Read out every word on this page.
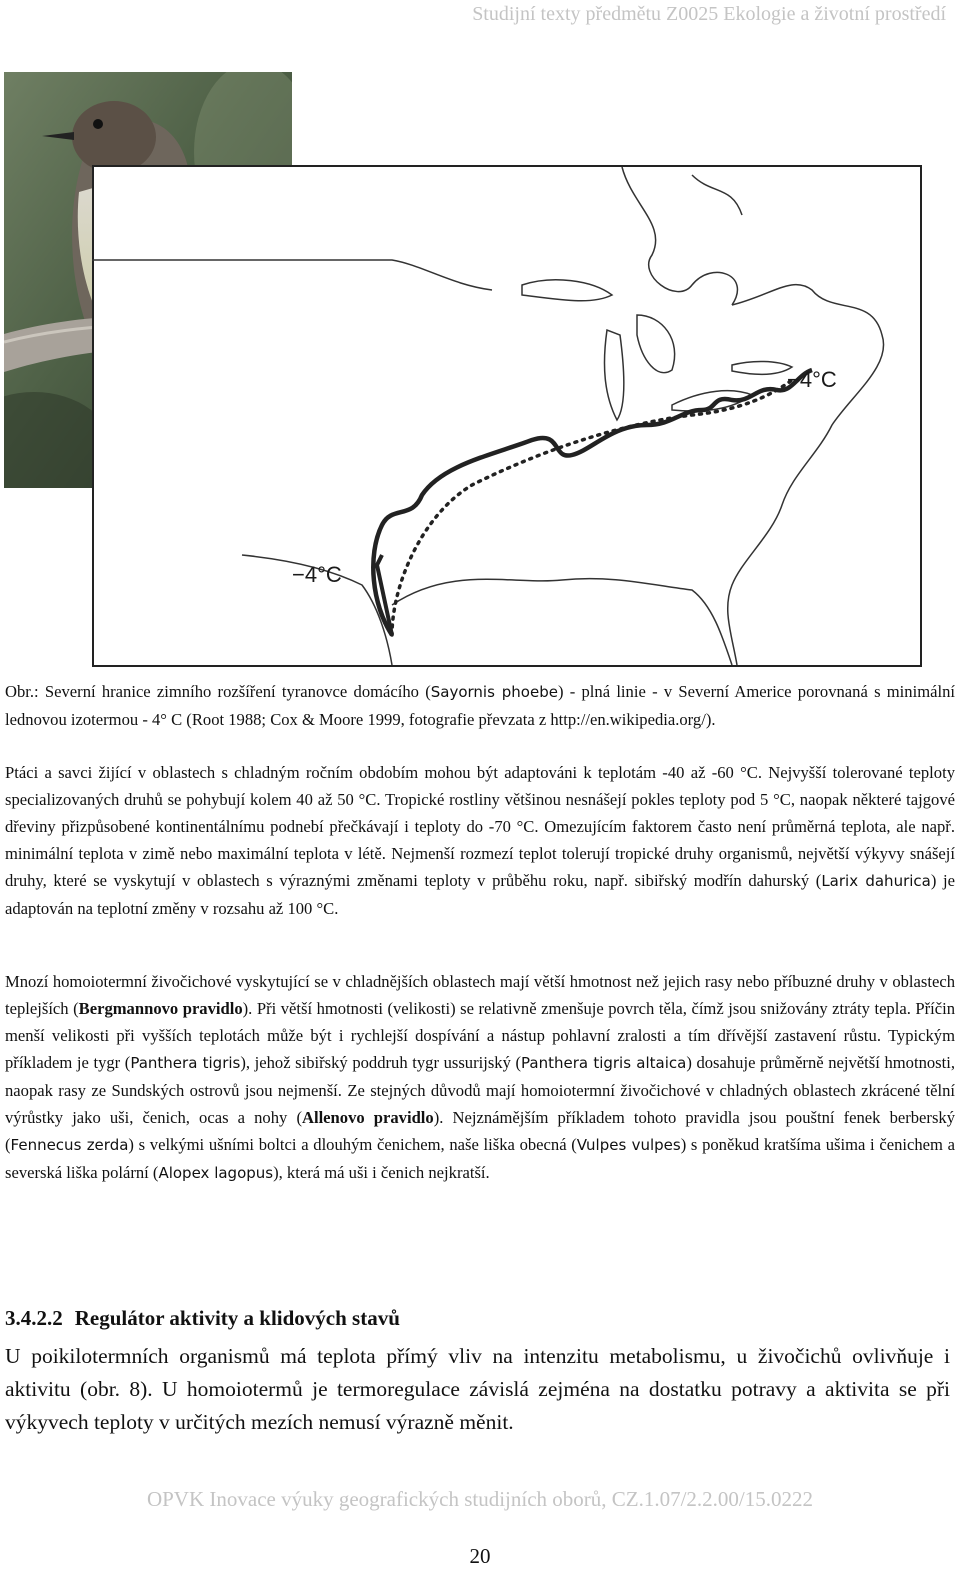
Studijní texty předmětu Z0025 Ekologie a životní prostředí
−4°C
−4°C

Obr.: Severní hranice zimního rozšíření tyranovce domácího (Sayornis phoebe) - plná linie - v Severní Americe porovnaná s minimální lednovou izotermou - 4° C (Root 1988; Cox & Moore 1999, fotografie převzata z http://en.wikipedia.org/).

Ptáci a savci žijící v oblastech s chladným ročním obdobím mohou být adaptováni k teplotám -40 až -60 °C. Nejvyšší tolerované teploty specializovaných druhů se pohybují kolem 40 až 50 °C. Tropické rostliny většinou nesnášejí pokles teploty pod 5 °C, naopak některé tajgové dřeviny přizpůsobené kontinentálnímu podnebí přečkávají i teploty do -70 °C. Omezujícím faktorem často není průměrná teplota, ale např. minimální teplota v zimě nebo maximální teplota v létě. Nejmenší rozmezí teplot tolerují tropické druhy organismů, největší výkyvy snášejí druhy, které se vyskytují v oblastech s výraznými změnami teploty v průběhu roku, např. sibiřský modřín dahurský (Larix dahurica) je adaptován na teplotní změny v rozsahu až 100 °C.

Mnozí homoiotermní živočichové vyskytující se v chladnějších oblastech mají větší hmotnost než jejich rasy nebo příbuzné druhy v oblastech teplejších (Bergmannovo pravidlo). Při větší hmotnosti (velikosti) se relativně zmenšuje povrch těla, čímž jsou snižovány ztráty tepla. Příčin menší velikosti při vyšších teplotách může být i rychlejší dospívání a nástup pohlavní zralosti a tím dřívější zastavení růstu. Typickým příkladem je tygr (Panthera tigris), jehož sibiřský poddruh tygr ussurijský (Panthera tigris altaica) dosahuje průměrně největší hmotnosti, naopak rasy ze Sundských ostrovů jsou nejmenší. Ze stejných důvodů mají homoiotermní živočichové v chladných oblastech zkrácené tělní výrůstky jako uši, čenich, ocas a nohy (Allenovo pravidlo). Nejznámějším příkladem tohoto pravidla jsou pouštní fenek berberský (Fennecus zerda) s velkými ušními boltci a dlouhým čenichem, naše liška obecná (Vulpes vulpes) s poněkud kratšíma ušima i čenichem a severská liška polární (Alopex lagopus), která má uši i čenich nejkratší.

3.4.2.2 Regulátor aktivity a klidových stavů

U poikilotermních organismů má teplota přímý vliv na intenzitu metabolismu, u živočichů ovlivňuje i aktivitu (obr. 8). U homoiotermů je termoregulace závislá zejména na dostatku potravy a aktivita se při výkyvech teploty v určitých mezích nemusí výrazně měnit.

OPVK Inovace výuky geografických studijních oborů, CZ.1.07/2.2.00/15.0222
20
